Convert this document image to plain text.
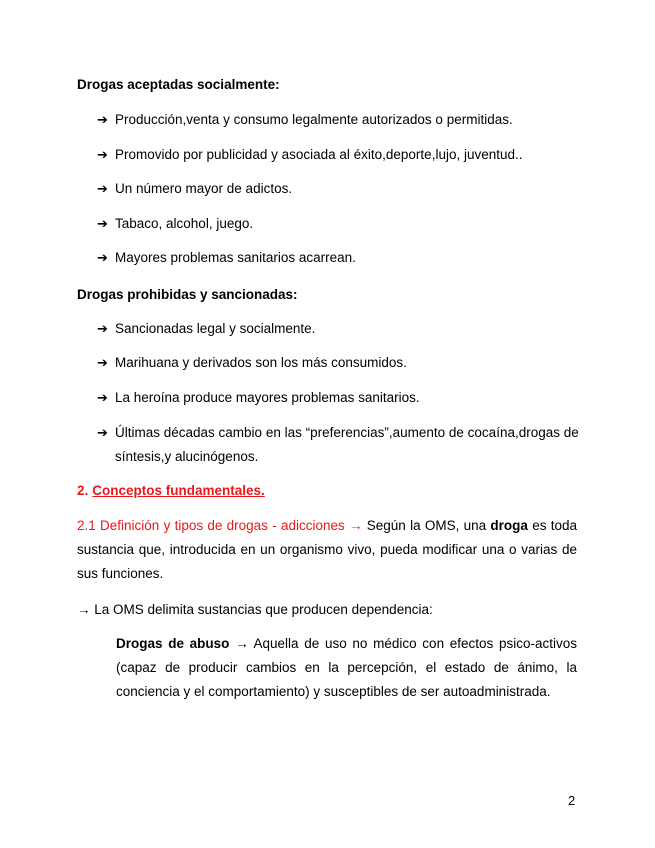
Drogas aceptadas socialmente:
➔ Producción,venta y consumo legalmente autorizados o permitidas.
➔ Promovido por publicidad y asociada al éxito,deporte,lujo, juventud..
➔ Un número mayor de adictos.
➔ Tabaco, alcohol, juego.
➔ Mayores problemas sanitarios acarrean.
Drogas prohibidas y sancionadas:
➔ Sancionadas legal y socialmente.
➔ Marihuana y derivados son los más consumidos.
➔ La heroína produce mayores problemas sanitarios.
➔ Últimas décadas cambio en las “preferencias”,aumento de cocaína,drogas de síntesis,y alucinógenos.
2. Conceptos fundamentales.
2.1 Definición y tipos de drogas - adicciones → Según la OMS, una droga es toda sustancia que, introducida en un organismo vivo, pueda modificar una o varias de sus funciones.
→ La OMS delimita sustancias que producen dependencia:
Drogas de abuso → Aquella de uso no médico con efectos psico-activos (capaz de producir cambios en la percepción, el estado de ánimo, la conciencia y el comportamiento) y susceptibles de ser autoadministrada.
2
